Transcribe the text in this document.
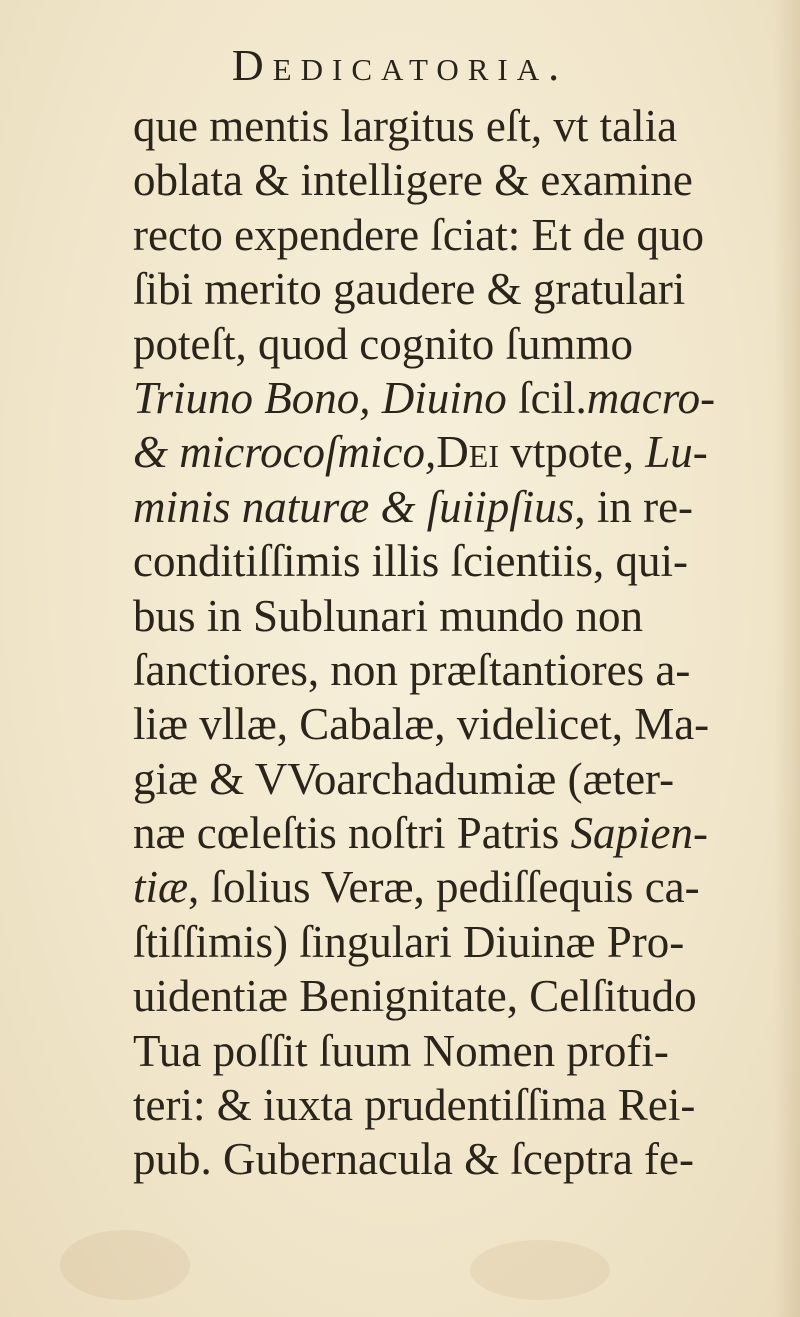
Dedicatoria.
que mentis largitus eſt, vt talia
oblata & intelligere & examine
recto expendere ſciat: Et de quo
ſibi merito gaudere & gratulari
poteſt, quod cognito ſummo
Triuno Bono, Diuino ſcil.macro-
& microcoſmico,Dei vtpote, Lu-
minis naturæ & ſuiipſius, in re-
conditiſſimis illis ſcientiis, qui-
bus in Sublunari mundo non
ſanctiores, non præſtantiores a-
liæ vllæ, Cabalæ, videlicet, Ma-
giæ & VVoarchadumiæ (æter-
næ cœleſtis noſtri Patris Sapien-
tiæ, ſolius Veræ, pediſſequis ca-
ſtiſſimis) ſingulari Diuinæ Pro-
uidentiæ Benignitate, Celſitudo
Tua poſſit ſuum Nomen profi-
teri: & iuxta prudentiſſima Rei-
pub. Gubernacula & ſceptra fe-
